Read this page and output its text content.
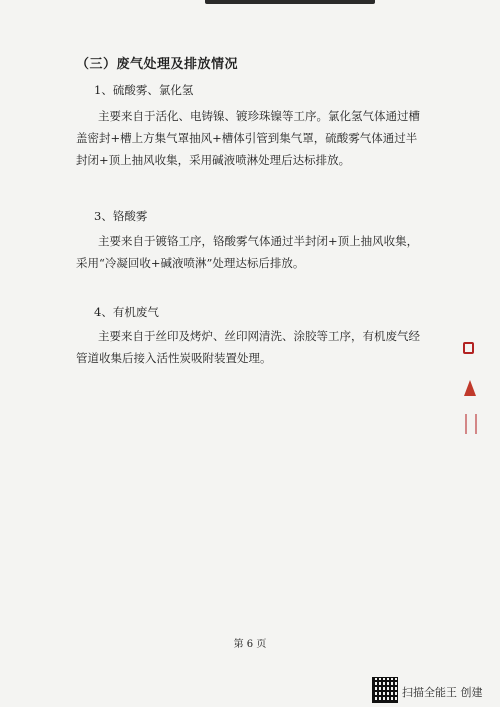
（三）废气处理及排放情况
1、硫酸雾、氯化氢
主要来自于活化、电铸镍、镀珍珠镍等工序。氯化氢气体通过槽盖密封+槽上方集气罩抽风+槽体引管到集气罩，硫酸雾气体通过半封闭+顶上抽风收集，采用碱液喷淋处理后达标排放。
3、铬酸雾
主要来自于镀铬工序，铬酸雾气体通过半封闭+顶上抽风收集，采用“冷凝回收+碱液喷淋”处理达标后排放。
4、有机废气
主要来自于丝印及烤炉、丝印网清洗、涂胶等工序，有机废气经管道收集后接入活性炭吸附装置处理。
第 6 页
扫描全能王 创建
